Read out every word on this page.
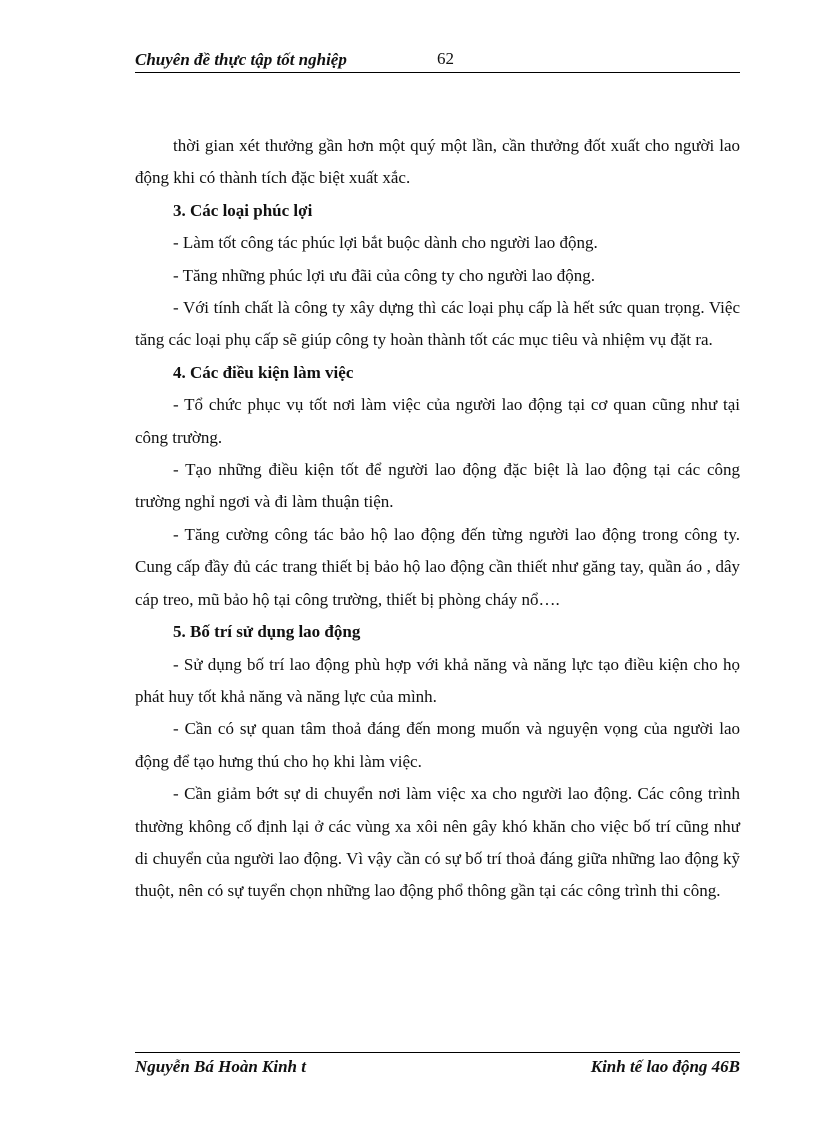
Chuyên đề thực tập tốt nghiệp	62

thời gian xét thưởng gần hơn một quý một lần, cần thưởng đốt xuất cho người lao động khi có thành tích đặc biệt xuất xắc.

3. Các loại phúc lợi

- Làm tốt công tác phúc lợi bắt buộc dành cho người lao động.

- Tăng những phúc lợi ưu đãi của công ty cho người lao động.

- Với tính chất là công ty xây dựng thì các loại phụ cấp là hết sức quan trọng. Việc tăng các loại phụ cấp sẽ giúp công ty hoàn thành tốt các mục tiêu và nhiệm vụ đặt ra.

4. Các điều kiện làm việc

- Tổ chức phục vụ tốt nơi làm việc của người lao động tại cơ quan cũng như tại công trường.

- Tạo những điều kiện tốt để người lao động đặc biệt là lao động tại các công trường nghỉ ngơi và đi làm thuận tiện.

- Tăng cường công tác bảo hộ lao động đến từng người lao động trong công ty. Cung cấp đầy đủ các trang thiết bị bảo hộ lao động cần thiết như găng tay, quần áo , dây cáp treo, mũ bảo hộ tại công trường, thiết bị phòng cháy nổ….

5. Bố trí sử dụng lao động

- Sử dụng bố trí lao động phù hợp với khả năng và năng lực tạo điều kiện cho họ phát huy tốt khả năng và năng lực của mình.

- Cần có sự quan tâm thoả đáng đến mong muốn và nguyện vọng của người lao động để tạo hưng thú cho họ khi làm việc.

- Cần giảm bớt sự di chuyển nơi làm việc xa cho người lao động. Các công trình thường không cố định lại ở các vùng xa xôi nên gây khó khăn cho việc bố trí cũng như di chuyển của người lao động. Vì vậy cần có sự bố trí thoả đáng giữa những lao động kỹ thuột, nên có sự tuyển chọn những lao động phổ thông gần tại các công trình thi công.

Nguyễn Bá Hoàn Kinh t	Kinh tế lao động 46B
